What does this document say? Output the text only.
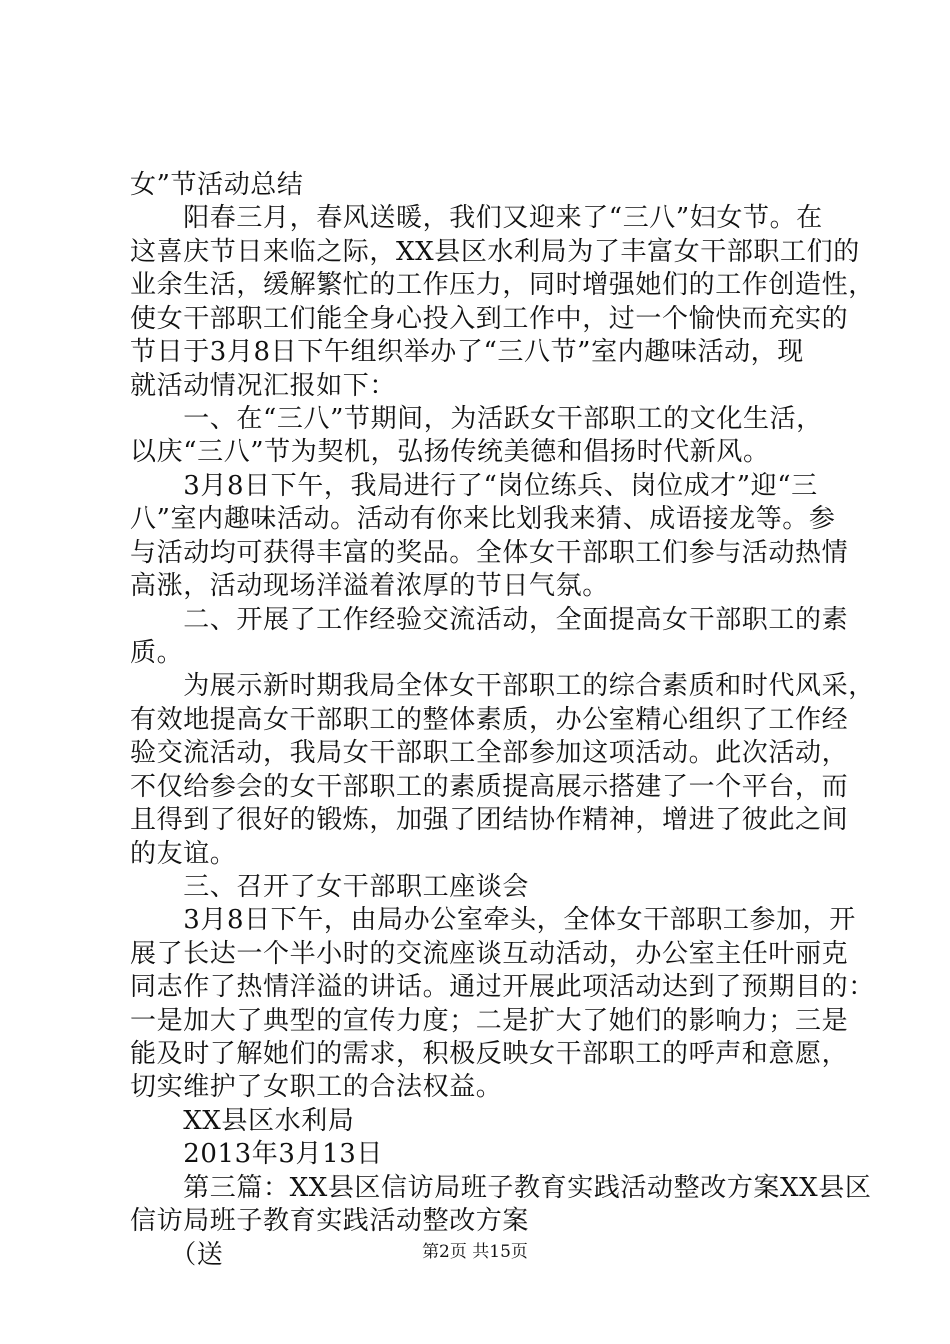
女”节活动总结
　　阳春三月，春风送暖，我们又迎来了“三八”妇女节。在
这喜庆节日来临之际，XX县区水利局为了丰富女干部职工们的
业余生活，缓解繁忙的工作压力，同时增强她们的工作创造性，
使女干部职工们能全身心投入到工作中，过一个愉快而充实的
节日于3月8日下午组织举办了“三八节”室内趣味活动，现
就活动情况汇报如下：
　　一、在“三八”节期间，为活跃女干部职工的文化生活，
以庆“三八”节为契机，弘扬传统美德和倡扬时代新风。
　　3月8日下午，我局进行了“岗位练兵、岗位成才”迎“三
八”室内趣味活动。活动有你来比划我来猜、成语接龙等。参
与活动均可获得丰富的奖品。全体女干部职工们参与活动热情
高涨，活动现场洋溢着浓厚的节日气氛。
　　二、开展了工作经验交流活动，全面提高女干部职工的素
质。
　　为展示新时期我局全体女干部职工的综合素质和时代风采，
有效地提高女干部职工的整体素质，办公室精心组织了工作经
验交流活动，我局女干部职工全部参加这项活动。此次活动，
不仅给参会的女干部职工的素质提高展示搭建了一个平台，而
且得到了很好的锻炼，加强了团结协作精神，增进了彼此之间
的友谊。
　　三、召开了女干部职工座谈会
　　3月8日下午，由局办公室牵头，全体女干部职工参加，开
展了长达一个半小时的交流座谈互动活动，办公室主任叶丽克
同志作了热情洋溢的讲话。通过开展此项活动达到了预期目的：
一是加大了典型的宣传力度；二是扩大了她们的影响力；三是
能及时了解她们的需求，积极反映女干部职工的呼声和意愿，
切实维护了女职工的合法权益。
　　XX县区水利局
　　2013年3月13日
　　第三篇：XX县区信访局班子教育实践活动整改方案XX县区
信访局班子教育实践活动整改方案
　　（送	第2页 共15页
